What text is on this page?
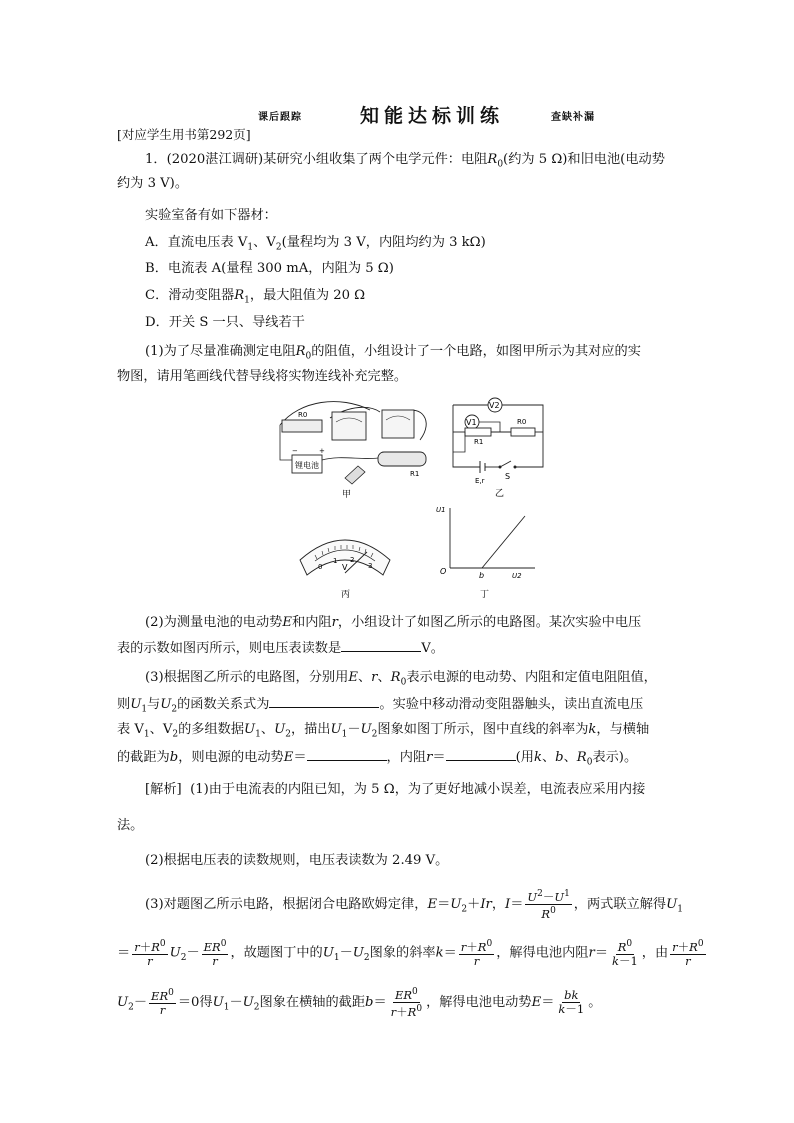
课后跟踪	知能达标训练	查缺补漏
[对应学生用书第292页]
1．(2020湛江调研)某研究小组收集了两个电学元件：电阻$R_0$(约为 5 Ω)和旧电池(电动势
约为 3 V)。
实验室备有如下器材：
A．直流电压表 $V_1$、$V_2$(量程均为 3 V，内阻均约为 3 kΩ)
B．电流表 A(量程 300 mA，内阻为 5 Ω)
C．滑动变阻器$R_1$，最大阻值为 20 Ω
D．开关 S 一只、导线若干
(1)为了尽量准确测定电阻$R_0$的阻值，小组设计了一个电路，如图甲所示为其对应的实
物图，请用笔画线代替导线将实物连线补充完整。
R0
锂电池
−	+
R1
甲
V2
V1
R1
R0
E,r	S
乙
0
1 2
3
V
丙
U1
O	b	U2
丁
(2)为测量电池的电动势E和内阻r，小组设计了如图乙所示的电路图。某次实验中电压
表的示数如图丙所示，则电压表读数是	V。
(3)根据图乙所示的电路图，分别用E、r、$R_0$表示电源的电动势、内阻和定值电阻阻值，
则$U_1$与$U_2$的函数关系式为	。实验中移动滑动变阻器触头，读出直流电压
表 $V_1$、$V_2$的多组数据$U_1$、$U_2$，描出$U_1-U_2$图象如图丁所示，图中直线的斜率为k，与横轴
的截距为b，则电源的电动势E＝	，内阻r＝	(用k、b、$R_0$表示)。
[解析] (1)由于电流表的内阻已知，为 5 Ω，为了更好地减小误差，电流表应采用内接
法。
(2)根据电压表的读数规则，电压表读数为 2.49 V。
(3)对题图乙所示电路，根据闭合电路欧姆定律，$E=U_2+Ir$，$I= \frac{U^2-U^1}{R^0}$ ，两式联立解得$U_1$
＝ $\frac{r+R^0}{r} U_2- \frac{ER^0}{r}$ ，故题图丁中的$U_1-U_2$图象的斜率$k= \frac{r+R^0}{r}$ ，解得电池内阻$r= \frac{R^0}{k-1}$ ，由 $\frac{r+R^0}{r}$
$U_2- \frac{ER^0}{r} =0$得$U_1-U_2$图象在横轴的截距$b= \frac{ER^0}{r+R^0}$ ，解得电池电动势$E= \frac{bk}{k-1}$ 。
